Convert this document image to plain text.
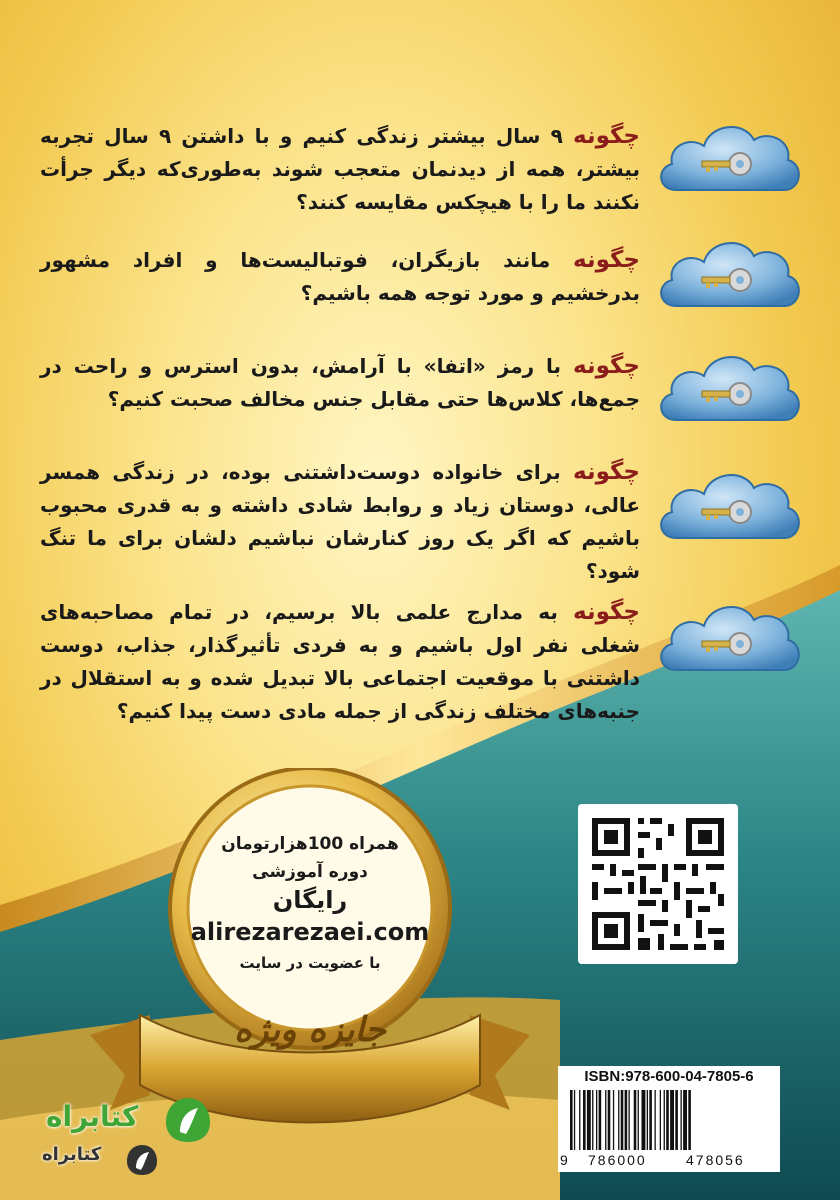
چگونه ۹ سال بیشتر زندگی کنیم و با داشتن ۹ سال تجربه بیشتر، همه از دیدنمان متعجب شوند به‌طوری‌که دیگر جرأت نکنند ما را با هیچکس مقایسه کنند؟
چگونه مانند بازیگران، فوتبالیست‌ها و افراد مشهور بدرخشیم و مورد توجه همه باشیم؟
چگونه با رمز «اتفا» با آرامش، بدون استرس و راحت در جمع‌ها، کلاس‌ها حتی مقابل جنس مخالف صحبت کنیم؟
چگونه برای خانواده دوست‌داشتنی بوده، در زندگی همسر عالی، دوستان زیاد و روابط شادی داشته و به قدری محبوب باشیم که اگر یک روز کنارشان نباشیم دلشان برای ما تنگ شود؟
چگونه به مدارج علمی بالا برسیم، در تمام مصاحبه‌های شغلی نفر اول باشیم و به فردی تأثیرگذار، جذاب، دوست داشتنی با موقعیت اجتماعی بالا تبدیل شده و به استقلال در جنبه‌های مختلف زندگی از جمله مادی دست پیدا کنیم؟
همراه 100هزارتومان
دوره آموزشی
رایگان
alirezarezaei.com
با عضویت در سایت
جایزه ویژه
ISBN:978-600-04-7805-6
9 786000	478056
کتابراه
کتابراه
